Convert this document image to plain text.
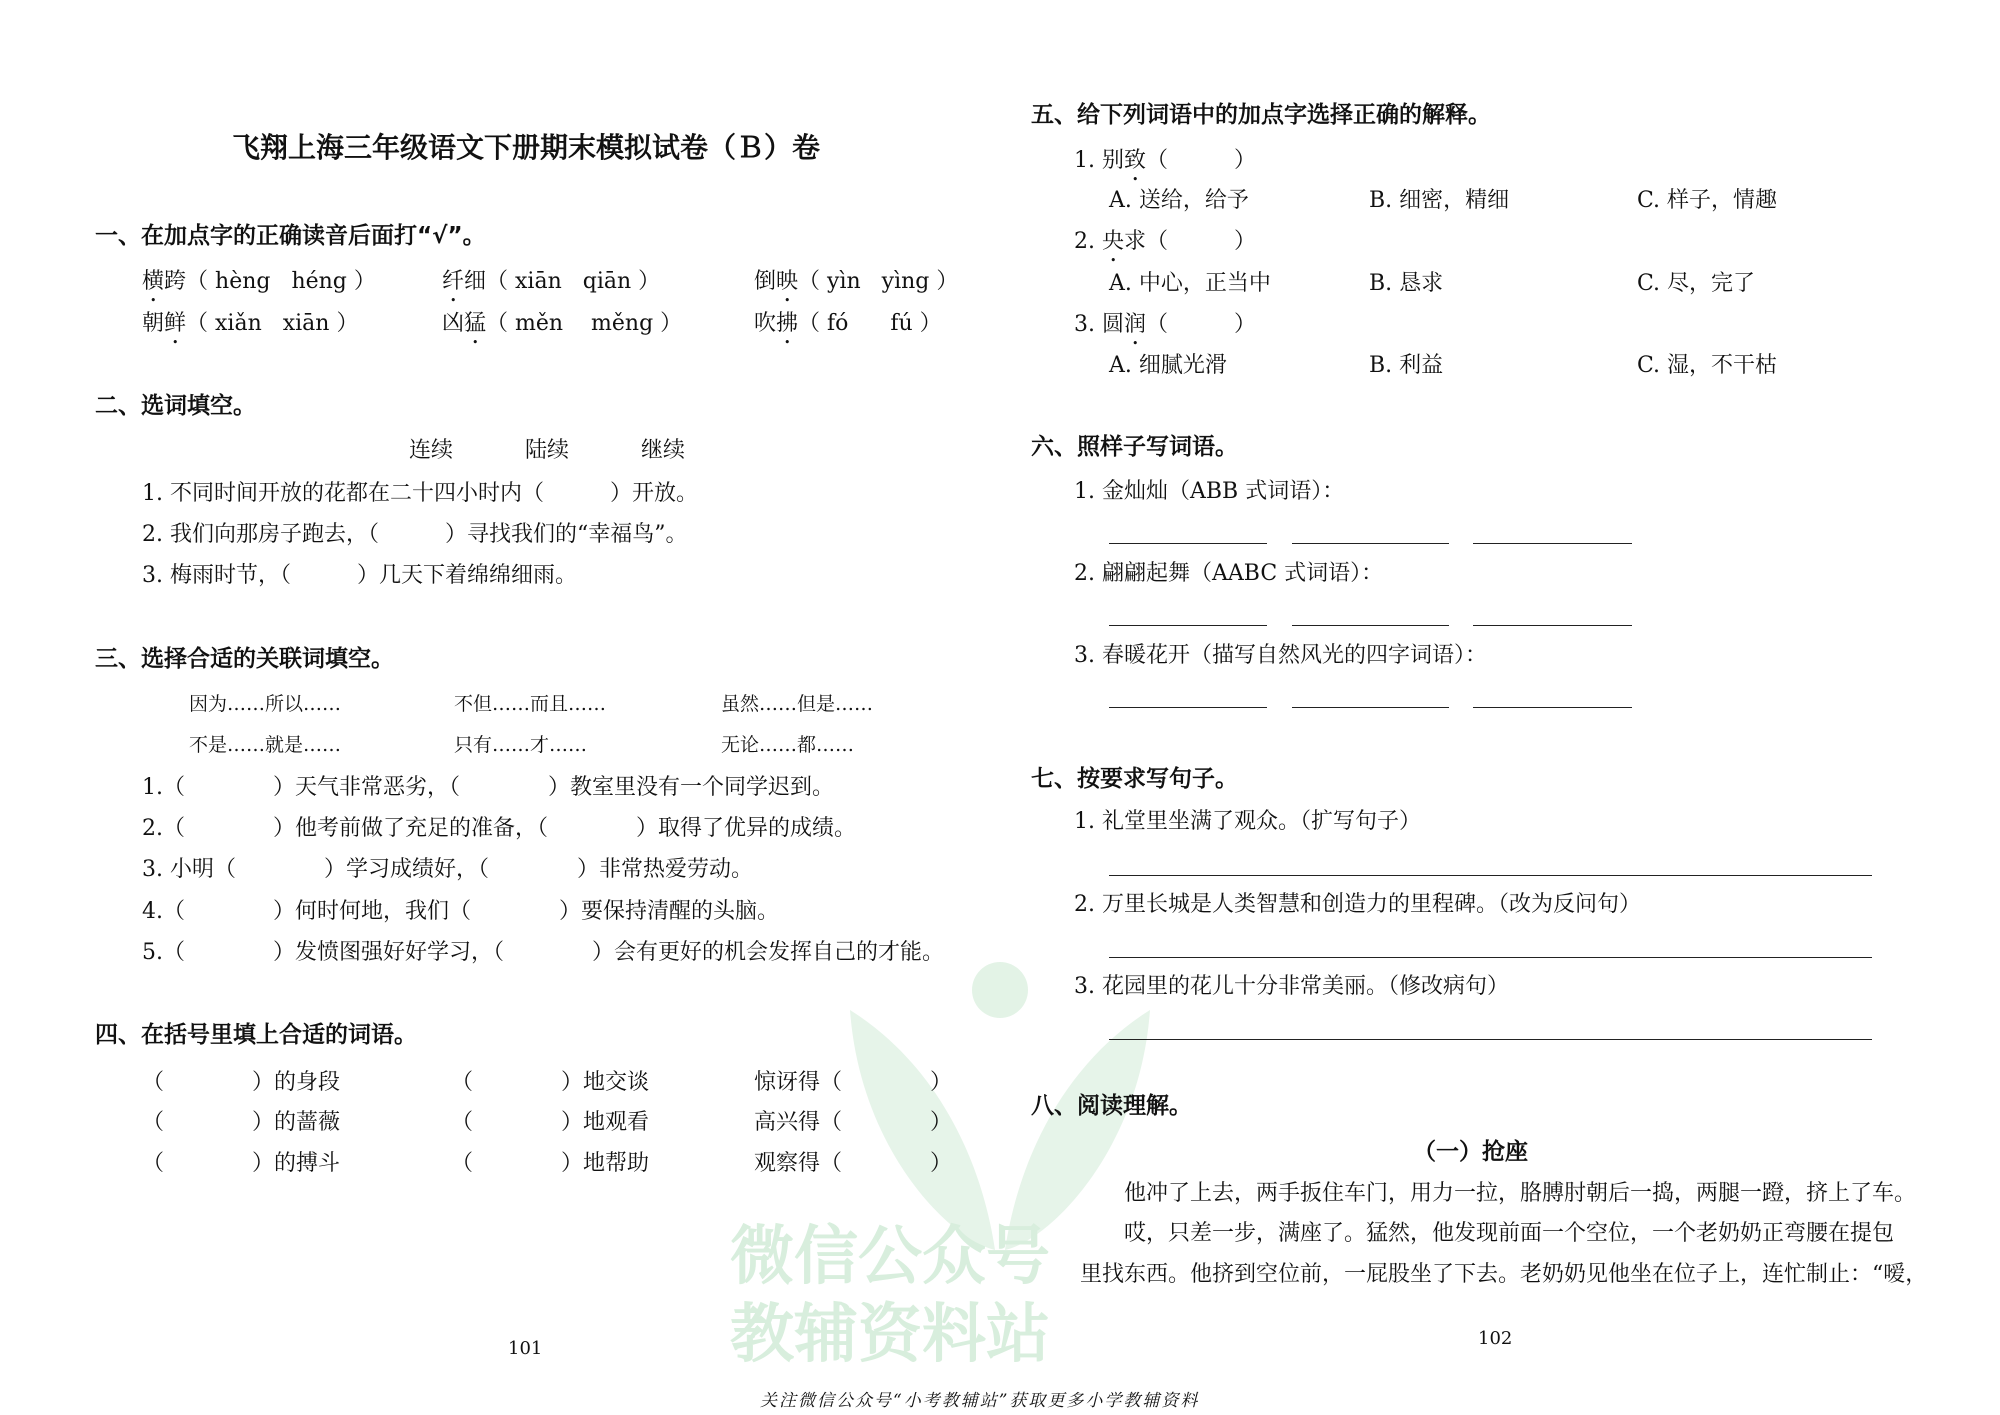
微信公众号
教辅资料站
飞翔上海三年级语文下册期末模拟试卷（Ｂ）卷
一、在加点字的正确读音后面打“√”。
横跨（ hèng   héng ）	纤细（ xiān   qiān ）	倒映（ yìn   yìng ）
朝鲜（ xiǎn   xiān ）	凶猛（ měn    měng ）	吹拂（ fó      fú ）
二、选词填空。
连续	陆续	继续
1. 不同时间开放的花都在二十四小时内（　　　）开放。
2. 我们向那房子跑去，（　　　）寻找我们的“幸福鸟”。
3. 梅雨时节，（　　　）几天下着绵绵细雨。
三、选择合适的关联词填空。
因为……所以……	不但……而且……	虽然……但是……
不是……就是……	只有……才……	无论……都……
1.（　　　　）天气非常恶劣，（　　　　）教室里没有一个同学迟到。
2.（　　　　）他考前做了充足的准备，（　　　　）取得了优异的成绩。
3. 小明（　　　　）学习成绩好，（　　　　）非常热爱劳动。
4.（　　　　）何时何地，我们（　　　　）要保持清醒的头脑。
5.（　　　　）发愤图强好好学习，（　　　　）会有更好的机会发挥自己的才能。
四、在括号里填上合适的词语。
（　　　　）的身段	（　　　　）地交谈	惊讶得（　　　　）
（　　　　）的蔷薇	（　　　　）地观看	高兴得（　　　　）
（　　　　）的搏斗	（　　　　）地帮助	观察得（　　　　）
101
五、给下列词语中的加点字选择正确的解释。
1. 别致（　　　）
A. 送给，给予	B. 细密，精细	C. 样子，情趣
2. 央求（　　　）
A. 中心，正当中	B. 恳求	C. 尽，完了
3. 圆润（　　　）
A. 细腻光滑	B. 利益	C. 湿，不干枯
六、照样子写词语。
1. 金灿灿（ABB 式词语）：
2. 翩翩起舞（AABC 式词语）：
3. 春暖花开（描写自然风光的四字词语）：
七、按要求写句子。
1. 礼堂里坐满了观众。（扩写句子）
2. 万里长城是人类智慧和创造力的里程碑。（改为反问句）
3. 花园里的花儿十分非常美丽。（修改病句）
八、阅读理解。
（一）抢座
他冲了上去，两手扳住车门，用力一拉，胳膊肘朝后一捣，两腿一蹬，挤上了车。
哎，只差一步，满座了。猛然，他发现前面一个空位，一个老奶奶正弯腰在提包
里找东西。他挤到空位前，一屁股坐了下去。老奶奶见他坐在位子上，连忙制止：“嗳，
102
关注微信公众号“小考教辅站”获取更多小学教辅资料
